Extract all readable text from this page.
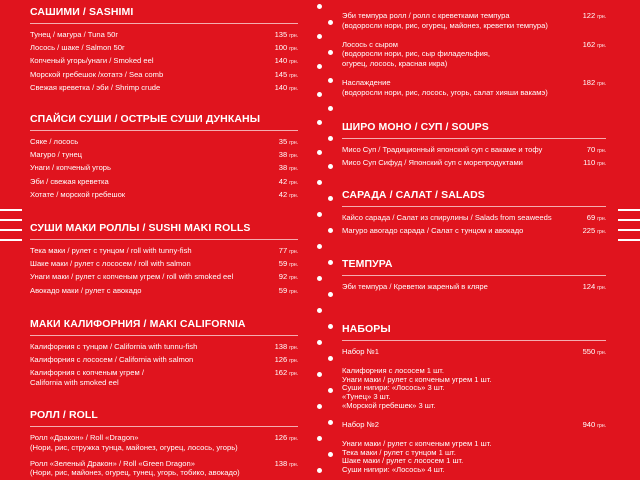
САШИМИ / SASHIMI
Тунец / магура / Tuna 50г	135 грн.
Лосось / шаке / Salmon 50г	100 грн.
Копченый угорь/унаги / Smoked eel	140 грн.
Морской гребешок /хотатэ / Sea comb	145 грн.
Свежая креветка / эби / Shrimp crude	140 грн.
СПАЙСИ СУШИ / ОСТРЫЕ СУШИ ДУНКАНЫ
Сяке / лосось	35 грн.
Магуро / тунец	38 грн.
Унаги / копченый угорь	38 грн.
Эби / свежая креветка	42 грн.
Хотате / морской гребешок	42 грн.
СУШИ МАКИ РОЛЛЫ / SUSHI MAKI ROLLS
Тека маки / рулет с тунцом / roll with tunny-fish	77 грн.
Шаке маки / рулет с лососем / roll with salmon	59 грн.
Унаги маки / рулет с копченым угрем / roll with smoked eel	92 грн.
Авокадо маки / рулет с авокадо	59 грн.
МАКИ КАЛИФОРНИЯ / MAKI CALIFORNIA
Калифорния с тунцом / California with tunnu-fish	138 грн.
Калифорния с лососем / California with salmon	126 грн.
Калифорния с копченым угрем /
California with smoked eel
162 грн.
РОЛЛ / ROLL
Ролл «Дракон» / Roll «Dragon»
(Нори, рис, стружка тунца, майонез, огурец, лосось, угорь)
126 грн.
Ролл «Зеленый Дракон» / Roll «Green Dragon»
(Нори, рис, майонез, огурец, тунец, угорь, тобико, авокадо)
138 грн.
Эби темпура ролл / ролл с креветками темпура
(водоросли нори, рис, огурец, майонез, креветки темпура)
122 грн.
Лосось с сыром
(водоросли нори, рис, сыр филадельфия,
огурец, лосось, красная икра)
162 грн.
Наслаждение
(водоросли нори, рис, лосось, угорь, салат хияши вакамэ)
182 грн.
ШИРО МОНО / СУП / SOUPS
Мисо Суп / Традиционный японский суп с вакаме и тофу	70 грн.
Мисо Суп Сифуд / Японский суп с морепродуктами	110 грн.
САРАДА / САЛАТ / SALADS
Кайсо сарада / Салат из спирулины / Salads from seaweeds	69 грн.
Магуро авогадо сарада / Салат с тунцом и авокадо	225 грн.
ТЕМПУРА
Эби темпура / Креветки жареный в кляре	124 грн.
НАБОРЫ
Набор №1	550 грн.
Калифорния с лососем 1 шт.
Унаги маки / рулет с копченым угрем 1 шт.
Суши нигири: «Лосось» 3 шт.
«Тунец» 3 шт.
«Морской гребешек» 3 шт.
Набор №2	940 грн.
Унаги маки / рулет с копченым угрем 1 шт.
Тека маки / рулет с тунцом 1 шт.
Шаке маки / рулет с лососем 1 шт.
Суши нигири: «Лосось» 4 шт.
